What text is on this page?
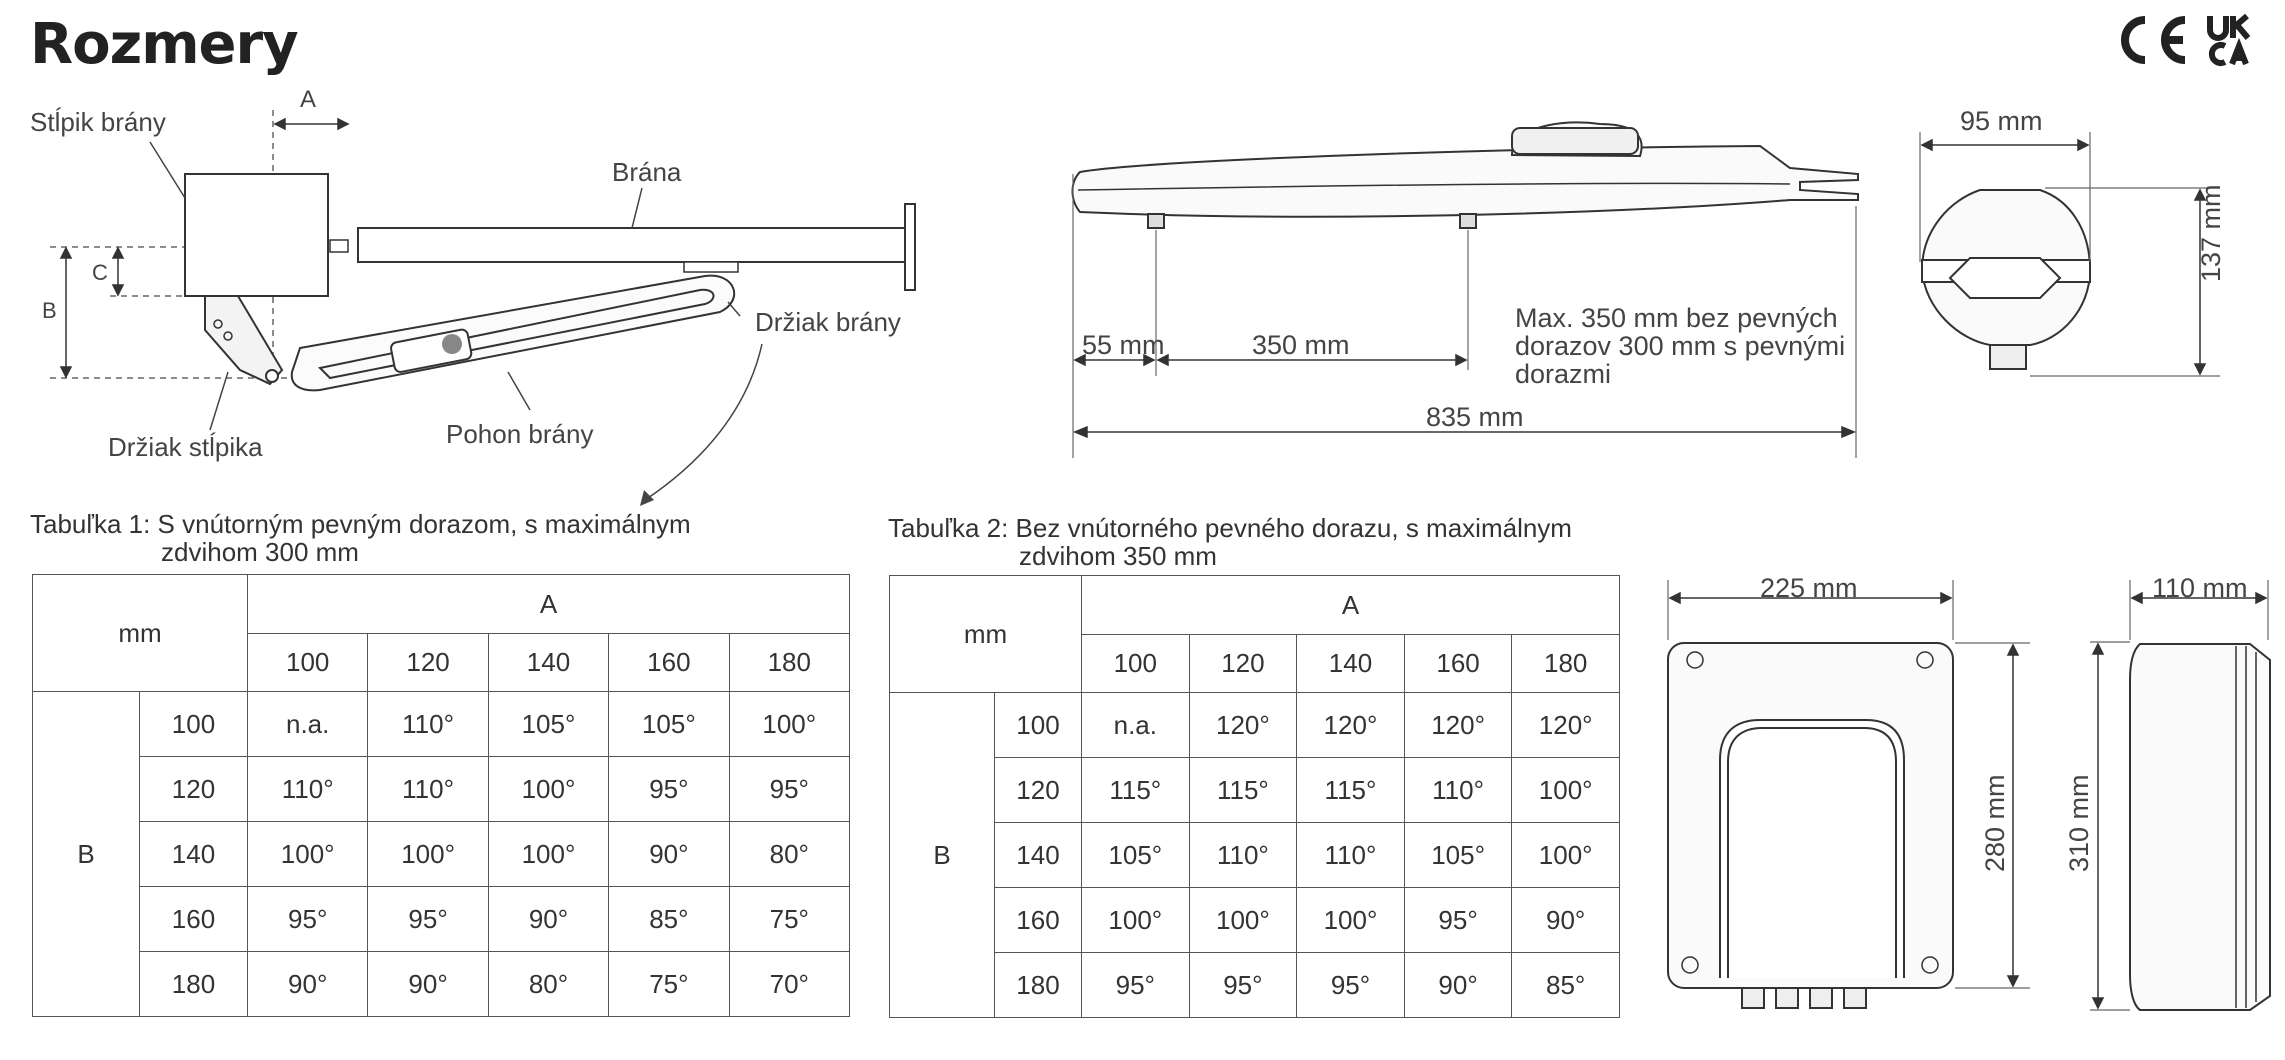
Rozmery
Stĺpik brány
Brána
Držiak brány
Držiak stĺpika	Pohon brány
A
B
C
55 mm	350 mm
835 mm
95 mm
137 mm
Max. 350 mm bez pevných
dorazov 300 mm s pevnými
dorazmi
225 mm	110 mm
280 mm 310 mm
Tabuľka 1: S vnútorným pevným dorazom, s maximálnym
zdvihom 300 mm
mm		A				
		100	120	140	160	180
B	100	n.a.	110°	105°	105°	100°
	120	110°	110°	100°	95°	95°
	140	100°	100°	100°	90°	80°
	160	95°	95°	90°	85°	75°
	180	90°	90°	80°	75°	70°
Tabuľka 2: Bez vnútorného pevného dorazu, s maximálnym
zdvihom 350 mm
mm		A				
		100	120	140	160	180
B	100	n.a.	120°	120°	120°	120°
	120	115°	115°	115°	110°	100°
	140	105°	110°	110°	105°	100°
	160	100°	100°	100°	95°	90°
	180	95°	95°	95°	90°	85°
